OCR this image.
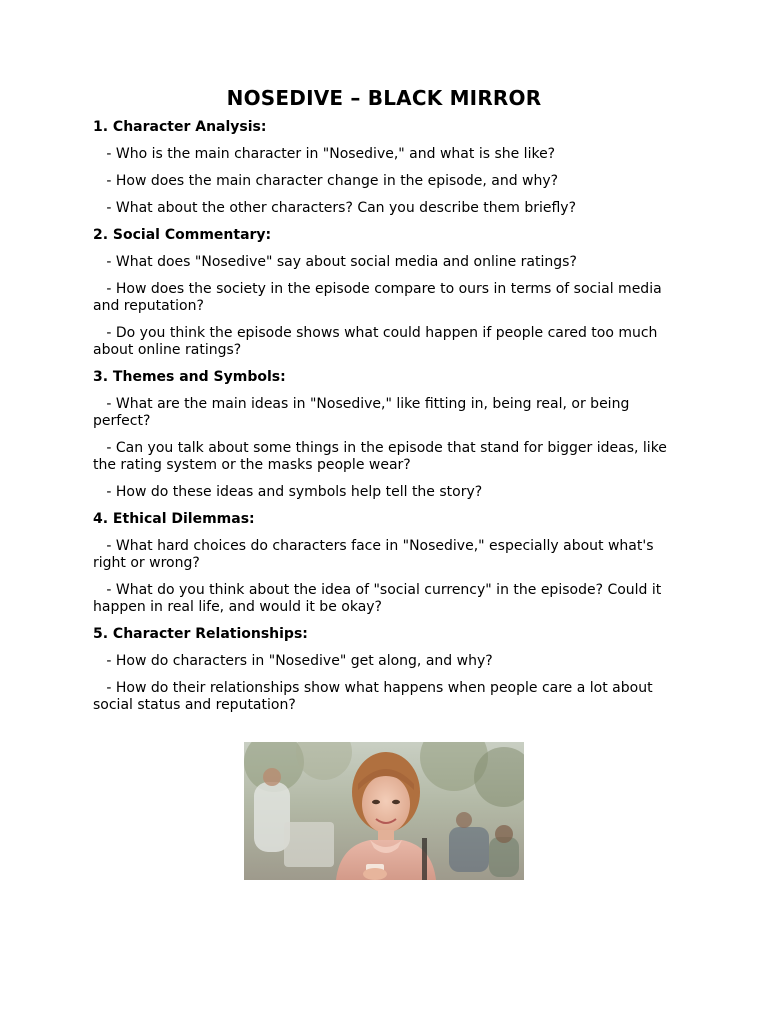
NOSEDIVE – BLACK MIRROR
1. Character Analysis:
- Who is the main character in "Nosedive," and what is she like?
- How does the main character change in the episode, and why?
- What about the other characters? Can you describe them briefly?
2. Social Commentary:
- What does "Nosedive" say about social media and online ratings?
- How does the society in the episode compare to ours in terms of social media and reputation?
- Do you think the episode shows what could happen if people cared too much about online ratings?
3. Themes and Symbols:
- What are the main ideas in "Nosedive," like fitting in, being real, or being perfect?
- Can you talk about some things in the episode that stand for bigger ideas, like the rating system or the masks people wear?
- How do these ideas and symbols help tell the story?
4. Ethical Dilemmas:
- What hard choices do characters face in "Nosedive," especially about what's right or wrong?
- What do you think about the idea of "social currency" in the episode? Could it happen in real life, and would it be okay?
5. Character Relationships:
- How do characters in "Nosedive" get along, and why?
- How do their relationships show what happens when people care a lot about social status and reputation?
